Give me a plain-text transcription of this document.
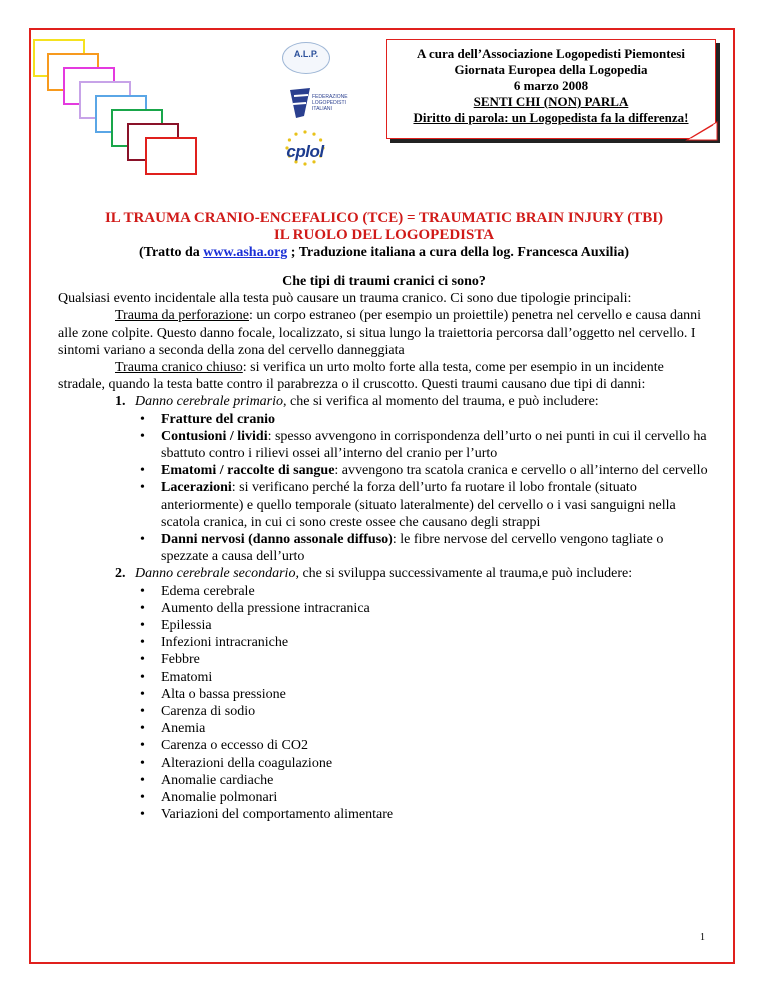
A.L.P.
FEDERAZIONE
LOGOPEDISTI
ITALIANI
cplol
A cura dell’Associazione Logopedisti Piemontesi
Giornata Europea della Logopedia
6 marzo 2008
SENTI CHI (NON) PARLA
Diritto di parola: un Logopedista fa la differenza!
IL TRAUMA CRANIO-ENCEFALICO (TCE) = TRAUMATIC BRAIN INJURY (TBI)
IL RUOLO DEL LOGOPEDISTA
(Tratto da www.asha.org ; Traduzione italiana a cura della log. Francesca Auxilia)
Che tipi di traumi cranici ci sono?

Qualsiasi evento incidentale alla testa può causare un trauma cranico. Ci sono due tipologie principali:

Trauma da perforazione: un corpo estraneo (per esempio un proiettile) penetra nel cervello e causa danni alle zone colpite. Questo danno focale, localizzato, si situa lungo la traiettoria percorsa dall’oggetto nel cervello. I sintomi variano a seconda della zona del cervello danneggiata

Trauma cranico chiuso: si verifica un urto molto forte alla testa, come per esempio in un incidente stradale, quando la testa batte contro il parabrezza o il cruscotto. Questi traumi causano due tipi di danni:

1. Danno cerebrale primario, che si verifica al momento del trauma, e può includere:
• Fratture del cranio
• Contusioni / lividi: spesso avvengono in corrispondenza dell’urto o nei punti in cui il cervello ha sbattuto contro i rilievi ossei all’interno del cranio per l’urto
• Ematomi / raccolte di sangue: avvengono tra scatola cranica e cervello o all’interno del cervello
• Lacerazioni: si verificano perché la forza dell’urto fa ruotare il lobo frontale (situato anteriormente) e quello temporale (situato lateralmente) del cervello o i vasi sanguigni nella scatola cranica, in cui ci sono creste ossee che causano degli strappi
• Danni nervosi (danno assonale diffuso): le fibre nervose del cervello vengono tagliate o spezzate a causa dell’urto
2. Danno cerebrale secondario, che si sviluppa successivamente al trauma,e può includere:
• Edema cerebrale
• Aumento della pressione intracranica
• Epilessia
• Infezioni intracraniche
• Febbre
• Ematomi
• Alta o bassa pressione
• Carenza di sodio
• Anemia
• Carenza o eccesso di CO2
• Alterazioni della coagulazione
• Anomalie cardiache
• Anomalie polmonari
• Variazioni del comportamento alimentare
1
